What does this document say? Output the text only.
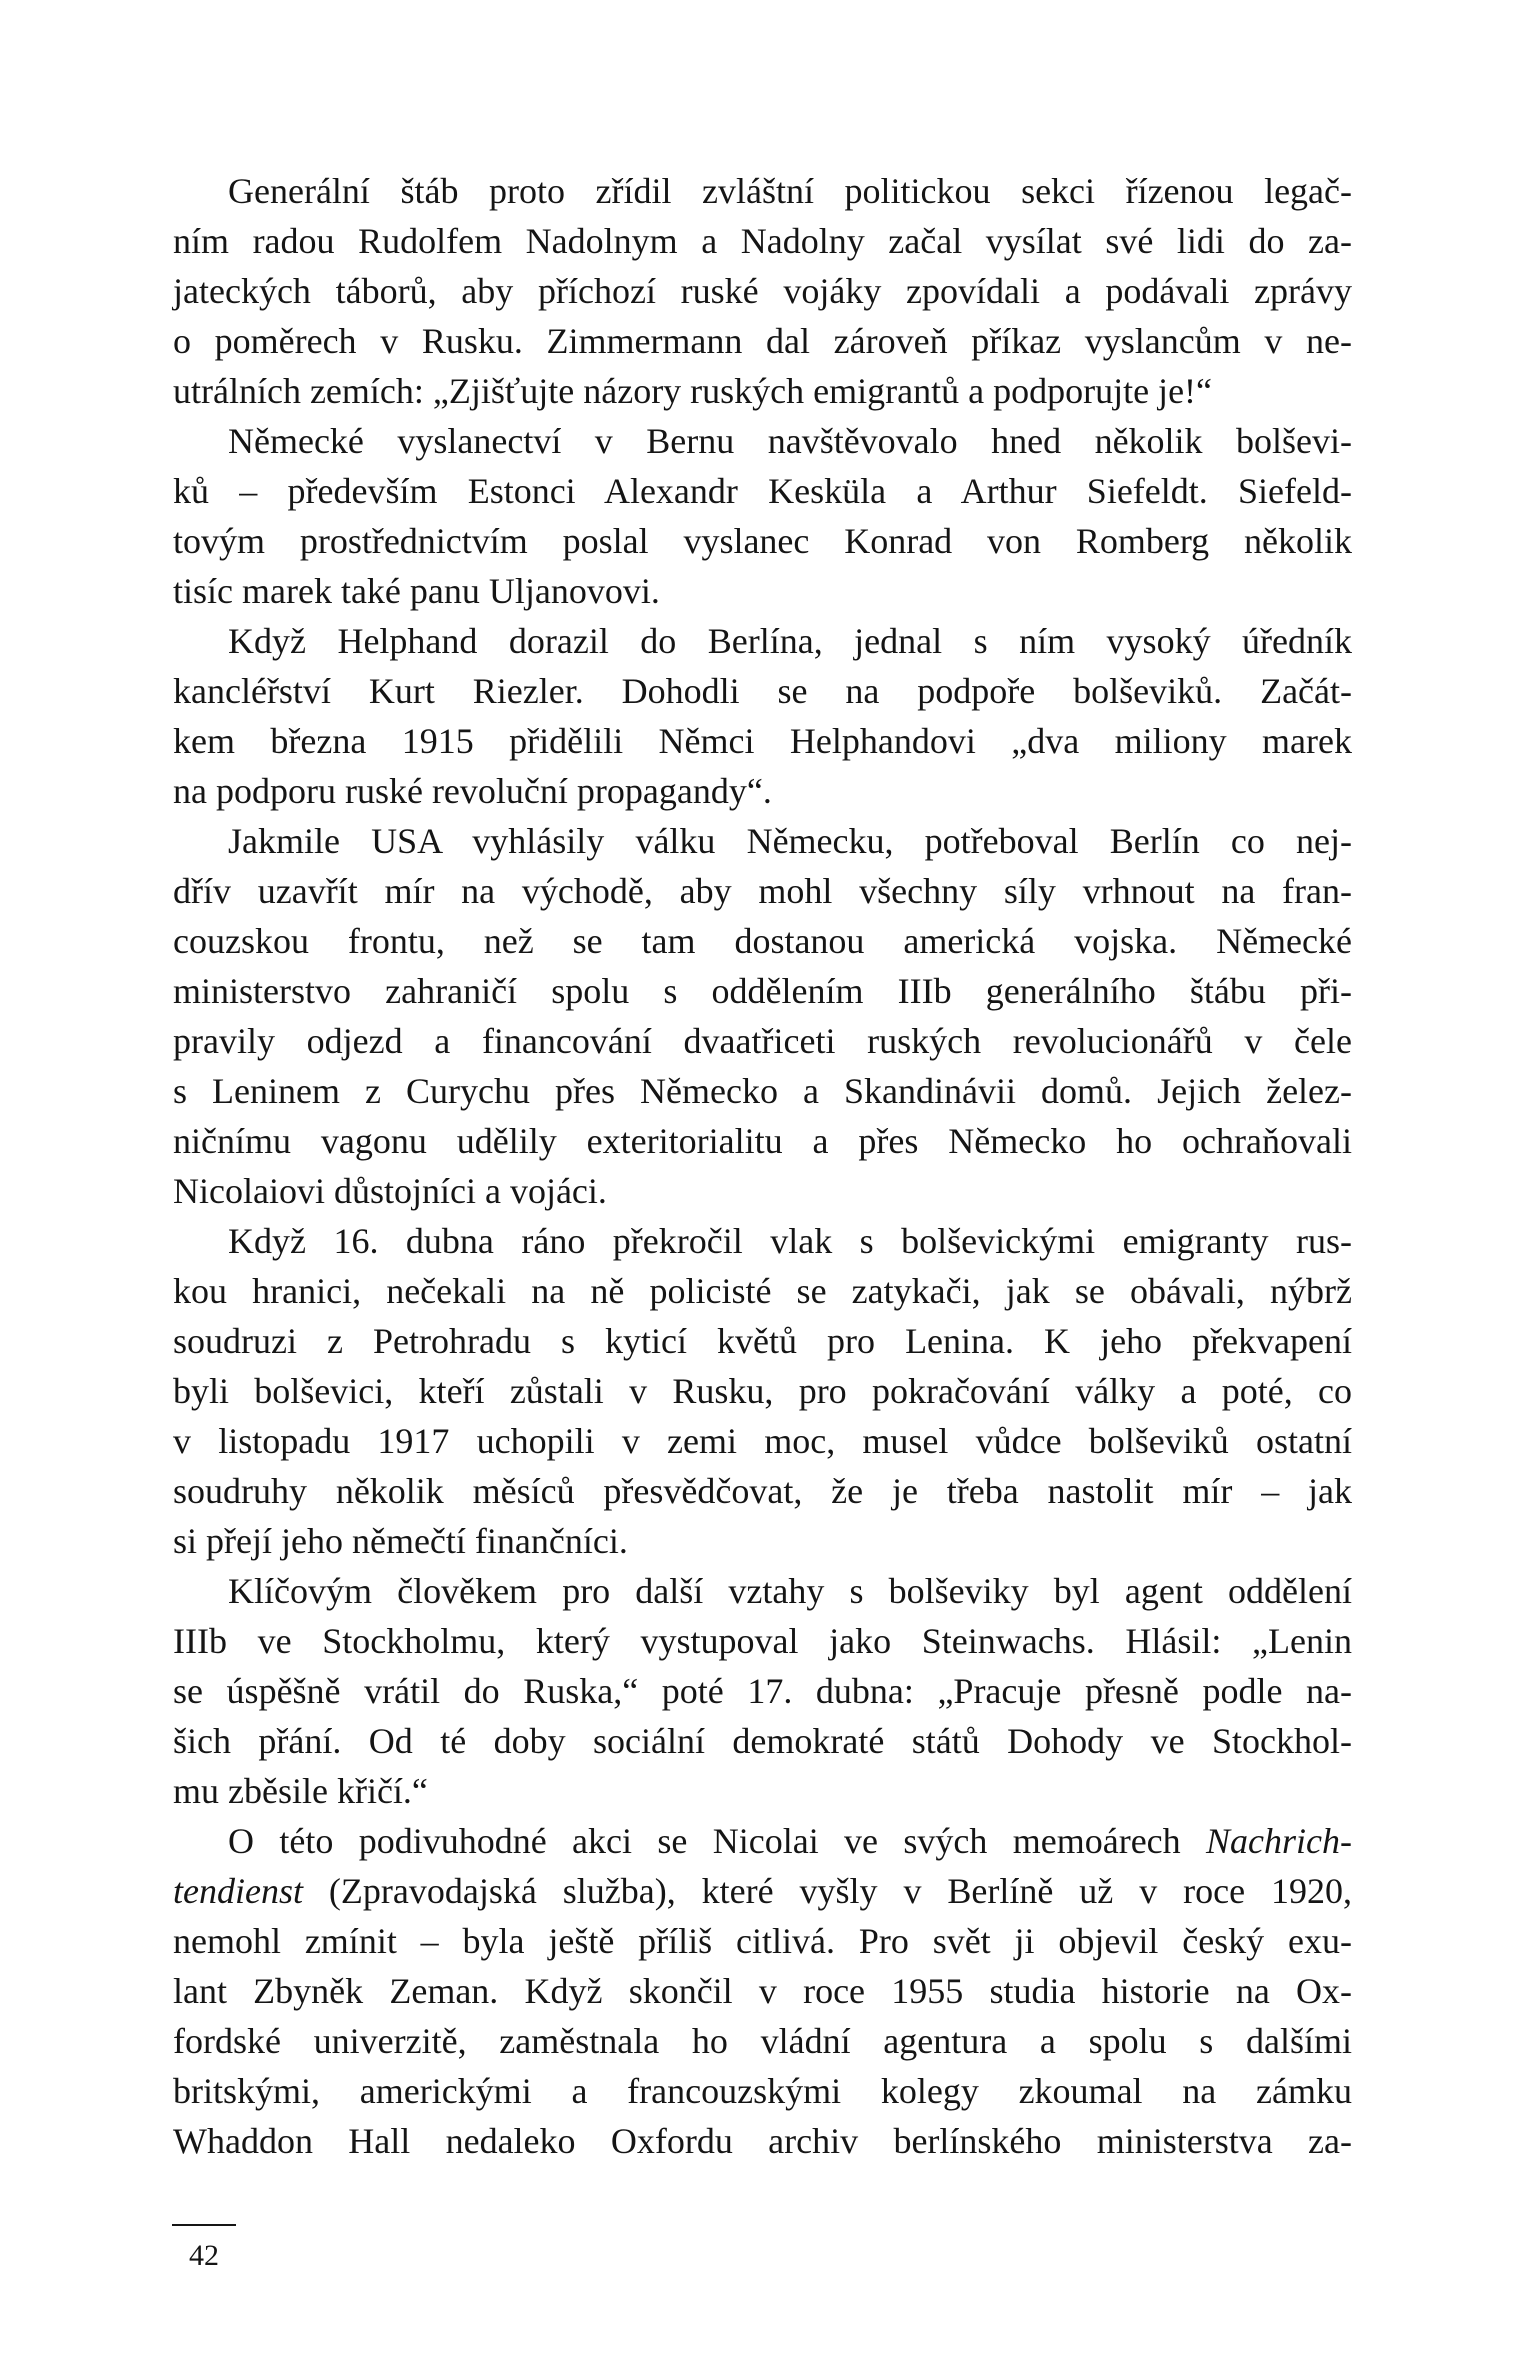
Generální štáb proto zřídil zvláštní politickou sekci řízenou legač-
ním radou Rudolfem Nadolnym a Nadolny začal vysílat své lidi do za-
jateckých táborů, aby příchozí ruské vojáky zpovídali a podávali zprávy
o poměrech v Rusku. Zimmermann dal zároveň příkaz vyslancům v ne-
utrálních zemích: „Zjišťujte názory ruských emigrantů a podporujte je!“
Německé vyslanectví v Bernu navštěvovalo hned několik bolševi-
ků – především Estonci Alexandr Kesküla a Arthur Siefeldt. Siefeld-
tovým prostřednictvím poslal vyslanec Konrad von Romberg několik
tisíc marek také panu Uljanovovi.
Když Helphand dorazil do Berlína, jednal s ním vysoký úředník
kancléřství Kurt Riezler. Dohodli se na podpoře bolševiků. Začát-
kem března 1915 přidělili Němci Helphandovi „dva miliony marek
na podporu ruské revoluční propagandy“.
Jakmile USA vyhlásily válku Německu, potřeboval Berlín co nej-
dřív uzavřít mír na východě, aby mohl všechny síly vrhnout na fran-
couzskou frontu, než se tam dostanou americká vojska. Německé
ministerstvo zahraničí spolu s oddělením IIIb generálního štábu při-
pravily odjezd a financování dvaatřiceti ruských revolucionářů v čele
s Leninem z Curychu přes Německo a Skandinávii domů. Jejich želez-
ničnímu vagonu udělily exteritorialitu a přes Německo ho ochraňovali
Nicolaiovi důstojníci a vojáci.
Když 16. dubna ráno překročil vlak s bolševickými emigranty rus-
kou hranici, nečekali na ně policisté se zatykači, jak se obávali, nýbrž
soudruzi z Petrohradu s kyticí květů pro Lenina. K jeho překvapení
byli bolševici, kteří zůstali v Rusku, pro pokračování války a poté, co
v listopadu 1917 uchopili v zemi moc, musel vůdce bolševiků ostatní
soudruhy několik měsíců přesvědčovat, že je třeba nastolit mír – jak
si přejí jeho němečtí finančníci.
Klíčovým člověkem pro další vztahy s bolševiky byl agent oddělení
IIIb ve Stockholmu, který vystupoval jako Steinwachs. Hlásil: „Lenin
se úspěšně vrátil do Ruska,“ poté 17. dubna: „Pracuje přesně podle na-
šich přání. Od té doby sociální demokraté států Dohody ve Stockhol-
mu zběsile křičí.“
O této podivuhodné akci se Nicolai ve svých memoárech Nachrich-
tendienst (Zpravodajská služba), které vyšly v Berlíně už v roce 1920,
nemohl zmínit – byla ještě příliš citlivá. Pro svět ji objevil český exu-
lant Zbyněk Zeman. Když skončil v roce 1955 studia historie na Ox-
fordské univerzitě, zaměstnala ho vládní agentura a spolu s dalšími
britskými, americkými a francouzskými kolegy zkoumal na zámku
Whaddon Hall nedaleko Oxfordu archiv berlínského ministerstva za-
42
